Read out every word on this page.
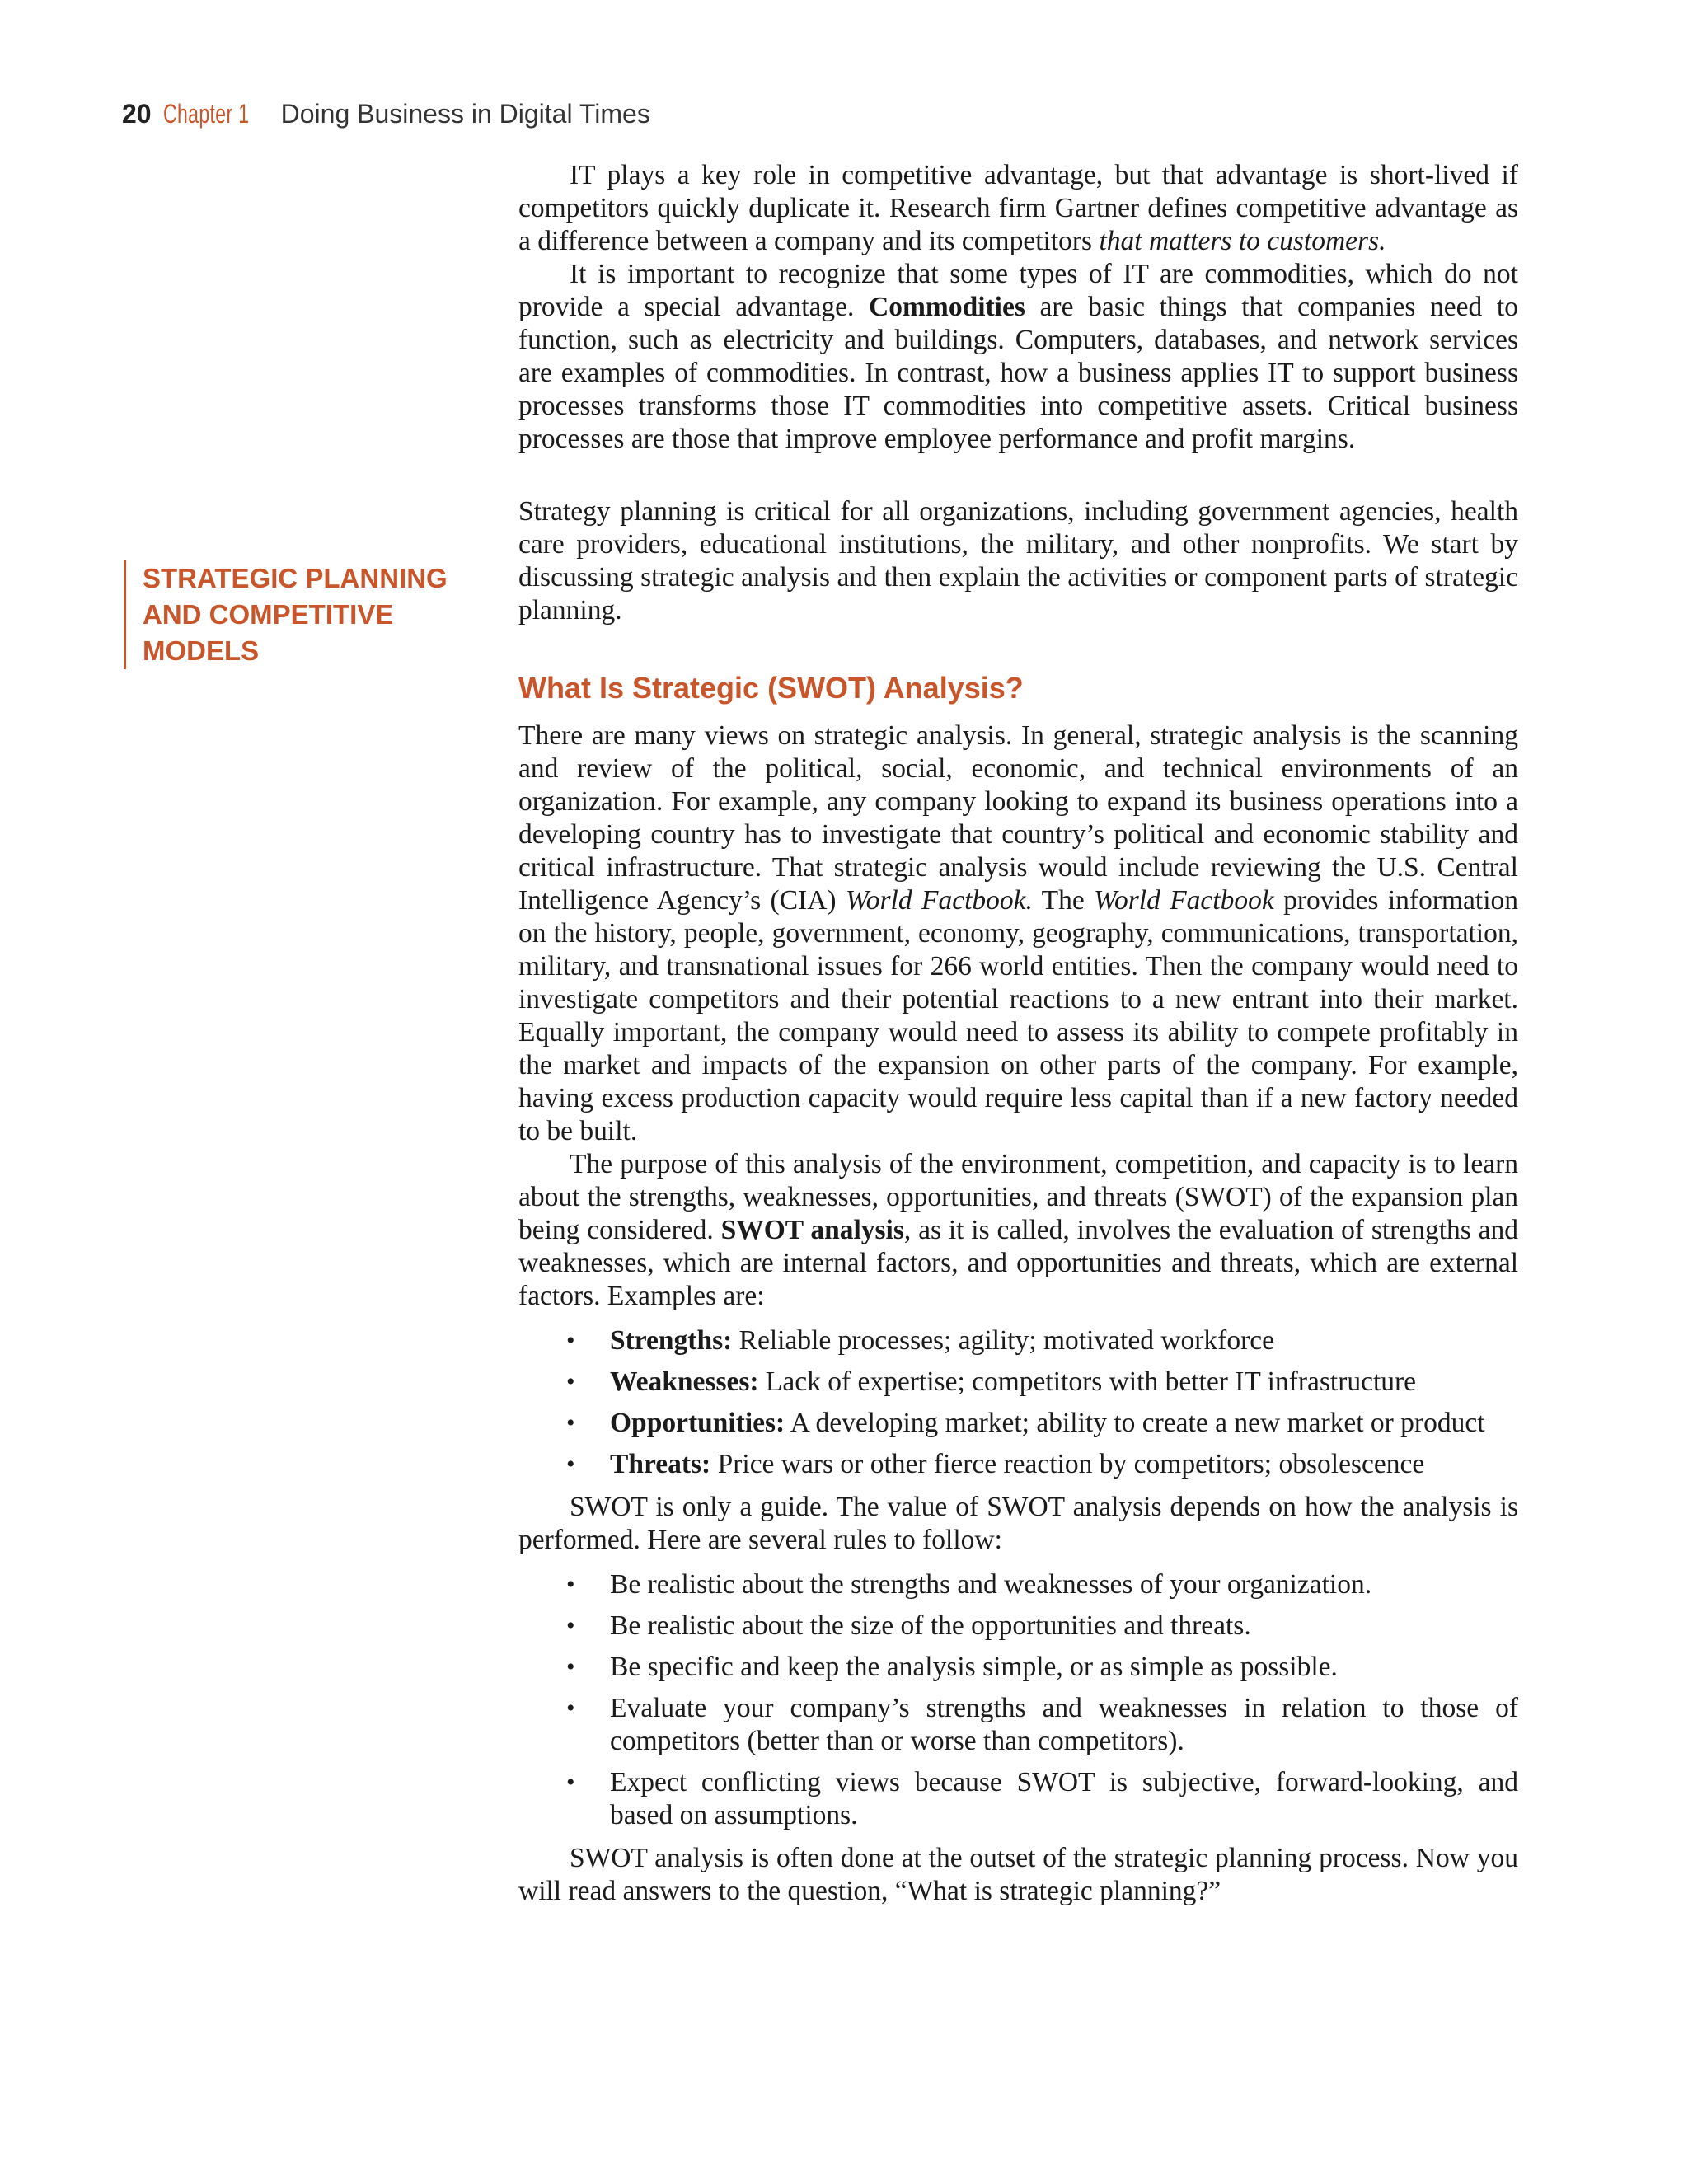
20 Chapter 1 Doing Business in Digital Times
STRATEGIC PLANNING
AND COMPETITIVE
MODELS

IT plays a key role in competitive advantage, but that advantage is short-lived if competitors quickly duplicate it. Research firm Gartner defines competitive advantage as a difference between a company and its competitors that matters to customers.

It is important to recognize that some types of IT are commodities, which do not provide a special advantage. Commodities are basic things that companies need to function, such as electricity and buildings. Computers, databases, and network services are examples of commodities. In contrast, how a business applies IT to support business processes transforms those IT commodities into competitive assets. Critical business processes are those that improve employee performance and profit margins.

Strategy planning is critical for all organizations, including government agencies, health care providers, educational institutions, the military, and other nonprofits. We start by discussing strategic analysis and then explain the activities or component parts of strategic planning.

What Is Strategic (SWOT) Analysis?

There are many views on strategic analysis. In general, strategic analysis is the scanning and review of the political, social, economic, and technical environments of an organization. For example, any company looking to expand its business operations into a developing country has to investigate that country’s political and economic stability and critical infrastructure. That strategic analysis would include reviewing the U.S. Central Intelligence Agency’s (CIA) World Factbook. The World Factbook provides information on the history, people, government, economy, geography, communications, transportation, military, and transnational issues for 266 world entities. Then the company would need to investigate competitors and their potential reactions to a new entrant into their market. Equally important, the company would need to assess its ability to compete profitably in the market and impacts of the expansion on other parts of the company. For example, having excess production capacity would require less capital than if a new factory needed to be built.

The purpose of this analysis of the environment, competition, and capacity is to learn about the strengths, weaknesses, opportunities, and threats (SWOT) of the expansion plan being considered. SWOT analysis, as it is called, involves the evaluation of strengths and weaknesses, which are internal factors, and opportunities and threats, which are external factors. Examples are:

• Strengths: Reliable processes; agility; motivated workforce
• Weaknesses: Lack of expertise; competitors with better IT infrastructure
• Opportunities: A developing market; ability to create a new market or product
• Threats: Price wars or other fierce reaction by competitors; obsolescence

SWOT is only a guide. The value of SWOT analysis depends on how the analysis is performed. Here are several rules to follow:

• Be realistic about the strengths and weaknesses of your organization.
• Be realistic about the size of the opportunities and threats.
• Be specific and keep the analysis simple, or as simple as possible.
• Evaluate your company’s strengths and weaknesses in relation to those of competitors (better than or worse than competitors).
• Expect conflicting views because SWOT is subjective, forward-looking, and based on assumptions.

SWOT analysis is often done at the outset of the strategic planning process. Now you will read answers to the question, “What is strategic planning?”
